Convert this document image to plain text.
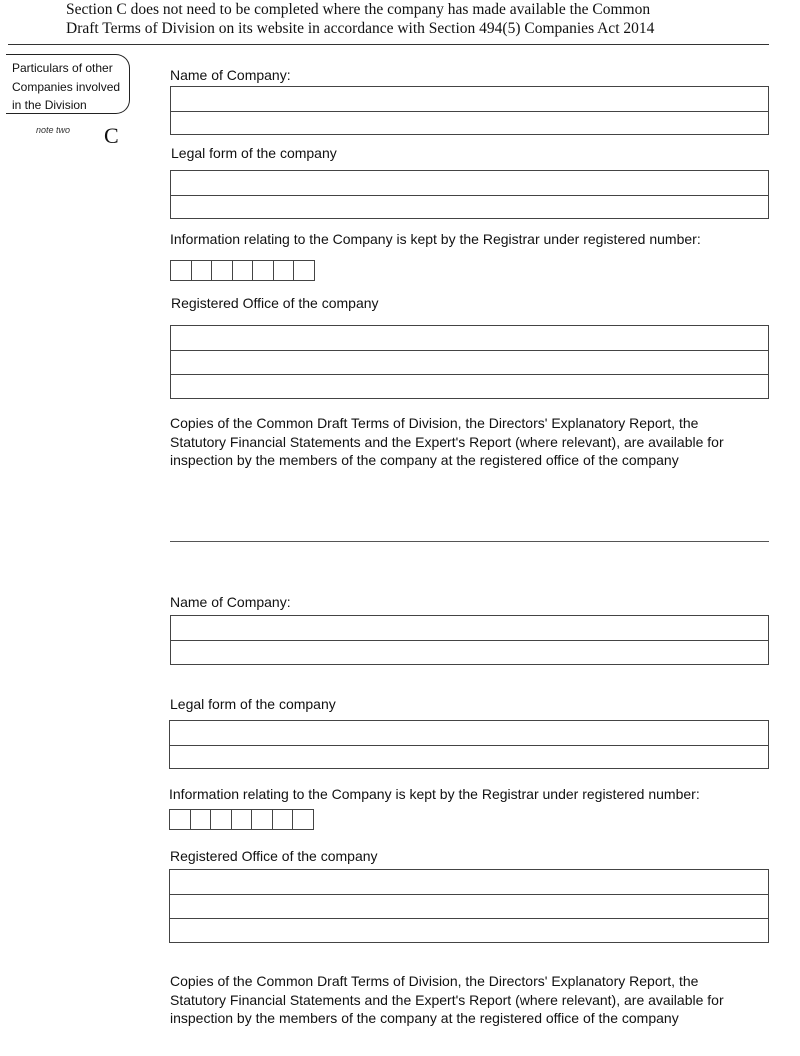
Section C does not need to be completed where the company has made available the Common
Draft Terms of Division on its website in accordance with Section 494(5) Companies Act 2014
Particulars of other
Companies involved
in the Division
note two C
Name of Company:
Legal form of the company
Information relating to the Company is kept by the Registrar under registered number:
Registered Office of the company
Copies of the Common Draft Terms of Division, the Directors' Explanatory Report, the
Statutory Financial Statements and the Expert's Report (where relevant), are available for
inspection by the members of the company at the registered office of the company
Name of Company:
Legal form of the company
Information relating to the Company is kept by the Registrar under registered number:
Registered Office of the company
Copies of the Common Draft Terms of Division, the Directors' Explanatory Report, the
Statutory Financial Statements and the Expert's Report (where relevant), are available for
inspection by the members of the company at the registered office of the company
